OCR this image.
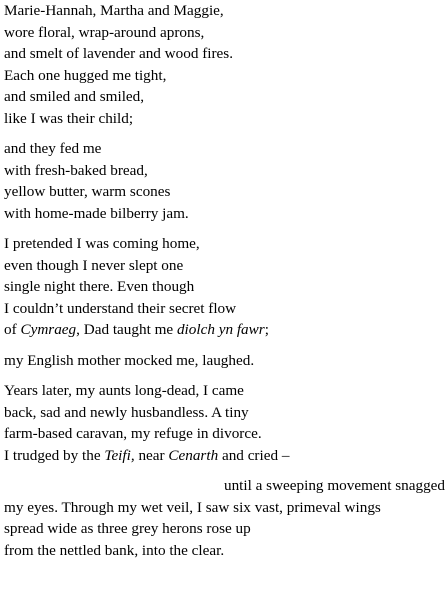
Marie-Hannah, Martha and Maggie,
wore floral, wrap-around aprons,
and smelt of lavender and wood fires.
Each one hugged me tight,
and smiled and smiled,
like I was their child;
and they fed me
with fresh-baked bread,
yellow butter, warm scones
with home-made bilberry jam.
I pretended I was coming home,
even though I never slept one
single night there. Even though
I couldn’t understand their secret flow
of Cymraeg, Dad taught me diolch yn fawr;
my English mother mocked me, laughed.
Years later, my aunts long-dead, I came
back, sad and newly husbandless. A tiny
farm-based caravan, my refuge in divorce.
I trudged by the Teifi, near Cenarth and cried –
until a sweeping movement snagged
my eyes. Through my wet veil, I saw six vast, primeval wings
spread wide as three grey herons rose up
from the nettled bank, into the clear.
